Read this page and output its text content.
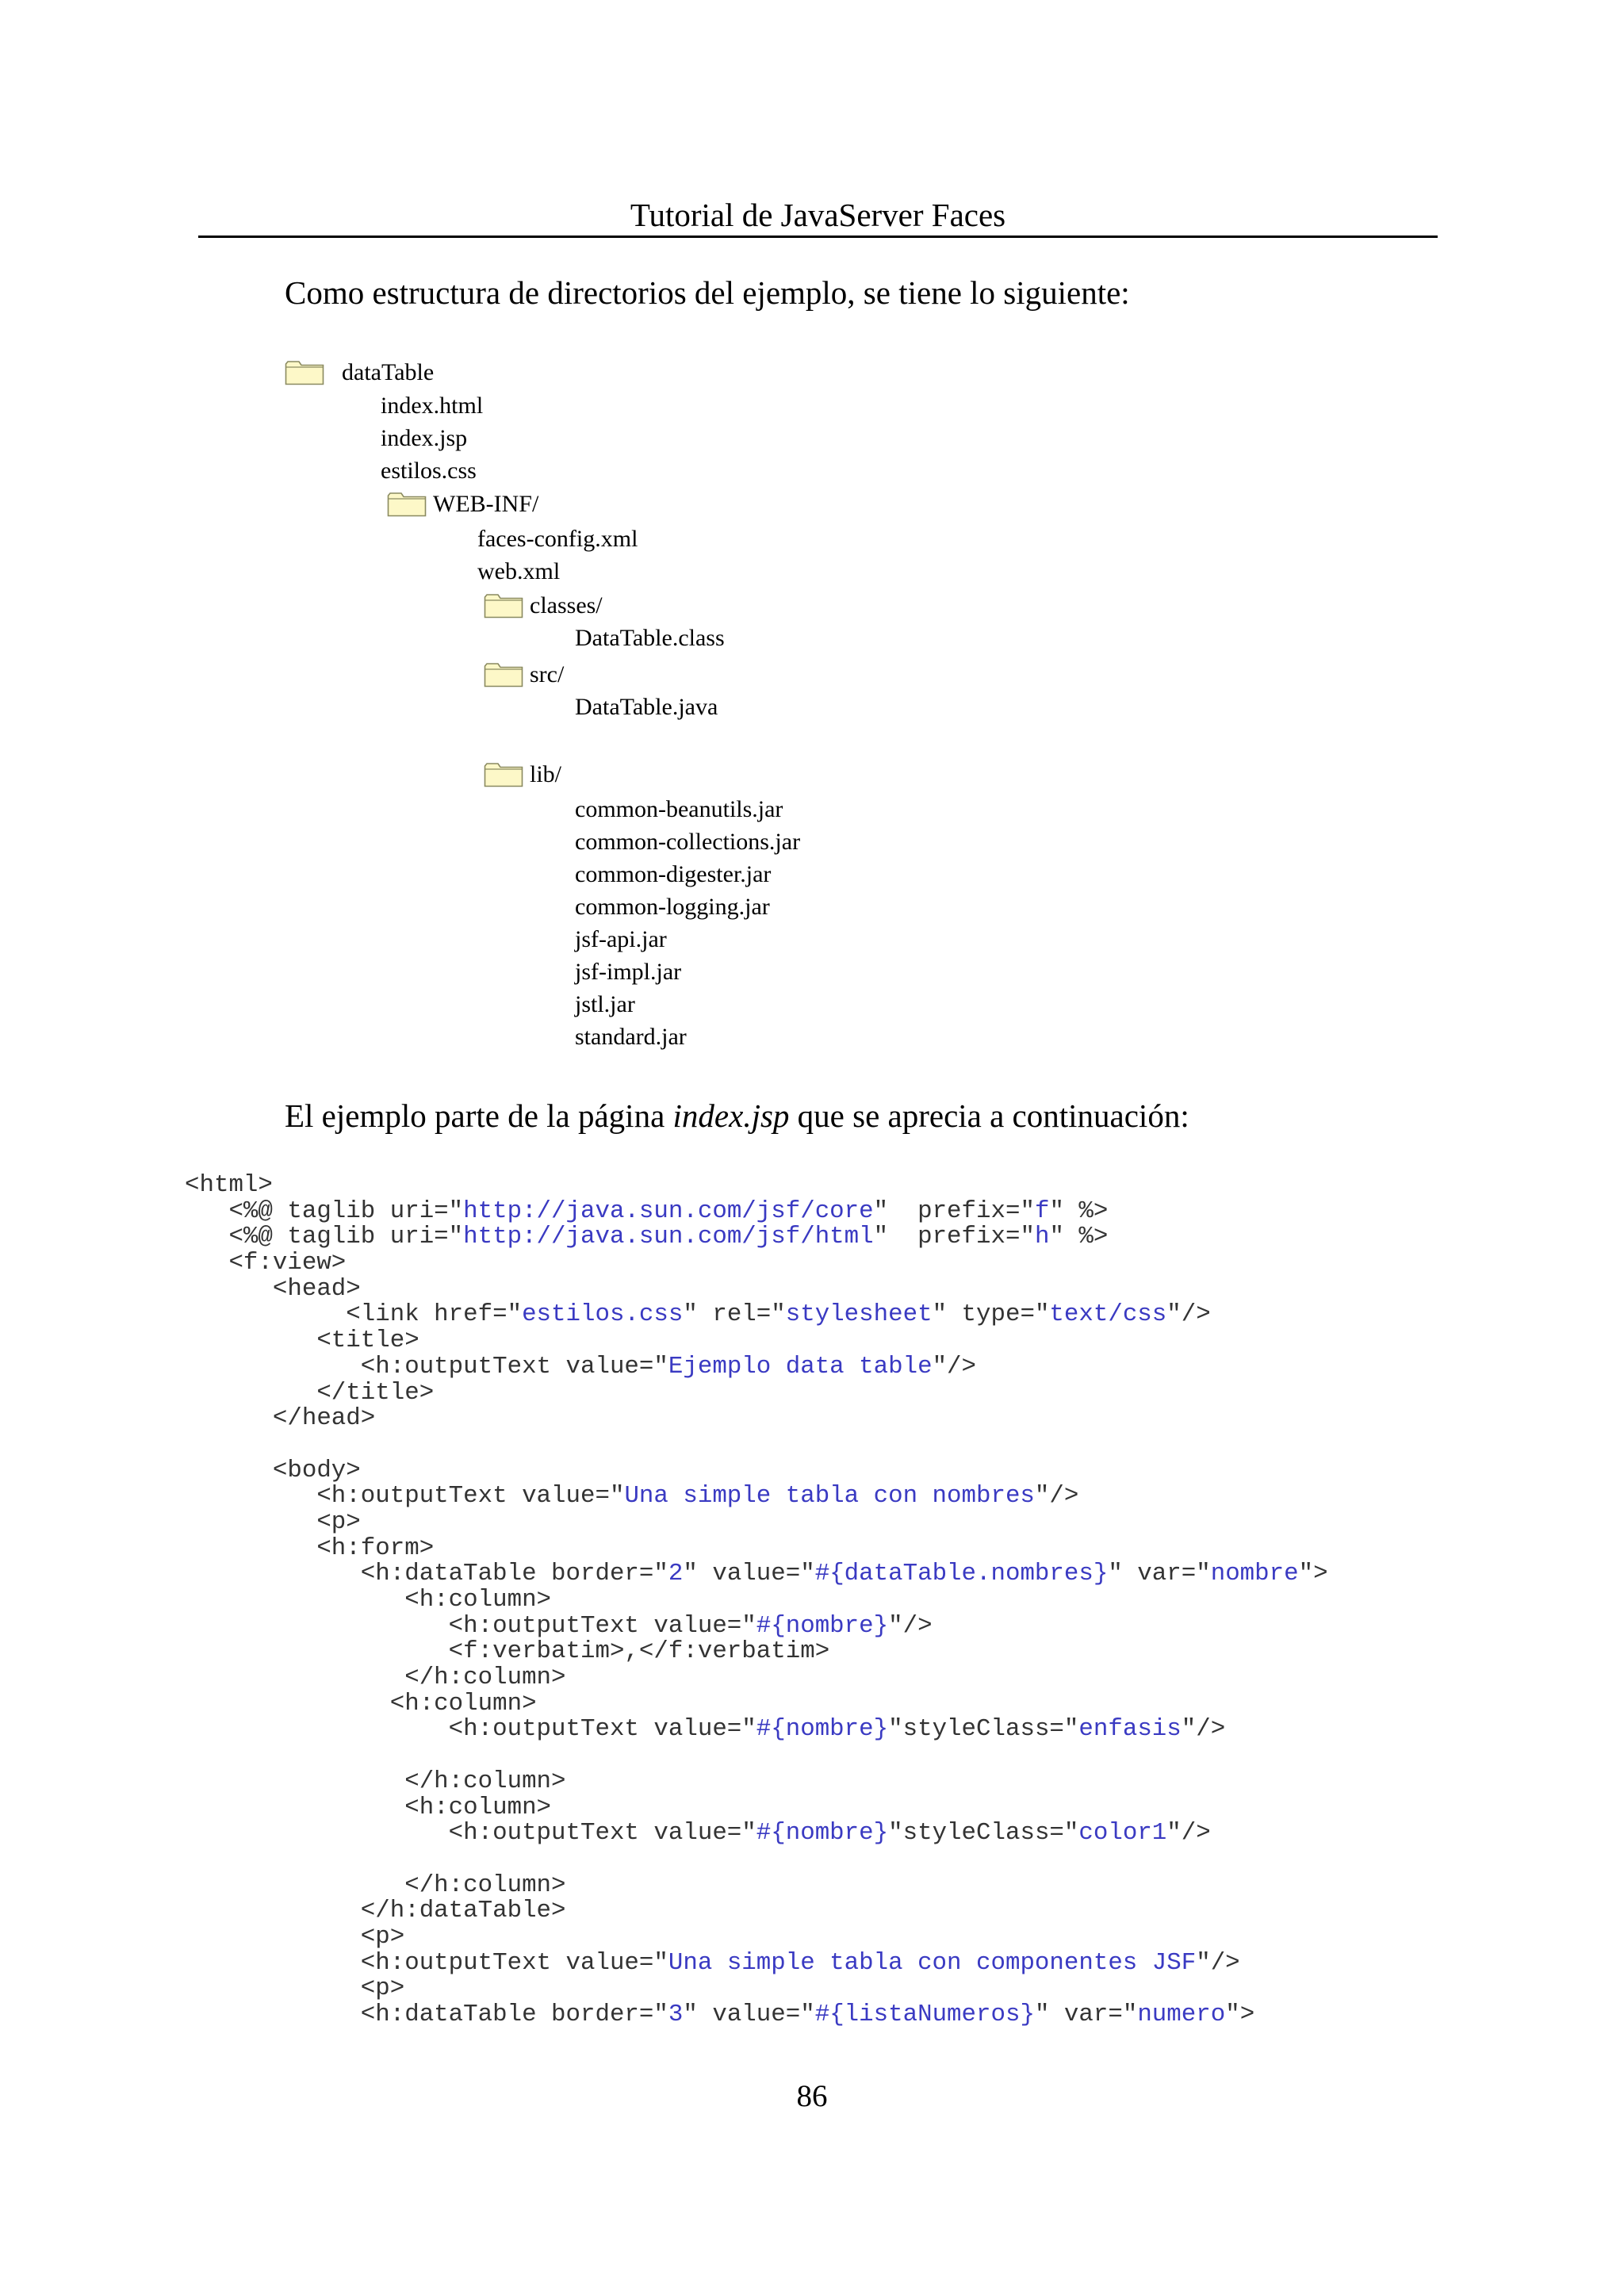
Tutorial de JavaServer Faces
Como estructura de directorios del ejemplo, se tiene lo siguiente:
dataTable
index.html
index.jsp
estilos.css
WEB-INF/
faces-config.xml
web.xml
classes/
DataTable.class
src/
DataTable.java
lib/
common-beanutils.jar
common-collections.jar
common-digester.jar
common-logging.jar
jsf-api.jar
jsf-impl.jar
jstl.jar
standard.jar
El ejemplo parte de la página index.jsp que se aprecia a continuación:
<html>
<%@ taglib uri="http://java.sun.com/jsf/core"  prefix="f" %>
<%@ taglib uri="http://java.sun.com/jsf/html"  prefix="h" %>
<f:view>
<head>
<link href="estilos.css" rel="stylesheet" type="text/css"/>
<title>
<h:outputText value="Ejemplo data table"/>
</title>
</head>

<body>
<h:outputText value="Una simple tabla con nombres"/>
<p>
<h:form>
<h:dataTable border="2" value="#{dataTable.nombres}" var="nombre">
<h:column>
<h:outputText value="#{nombre}"/>
<f:verbatim>,</f:verbatim>
</h:column>
<h:column>
<h:outputText value="#{nombre}"styleClass="enfasis"/>

</h:column>
<h:column>
<h:outputText value="#{nombre}"styleClass="color1"/>

</h:column>
</h:dataTable>
<p>
<h:outputText value="Una simple tabla con componentes JSF"/>
<p>
<h:dataTable border="3" value="#{listaNumeros}" var="numero">
86
